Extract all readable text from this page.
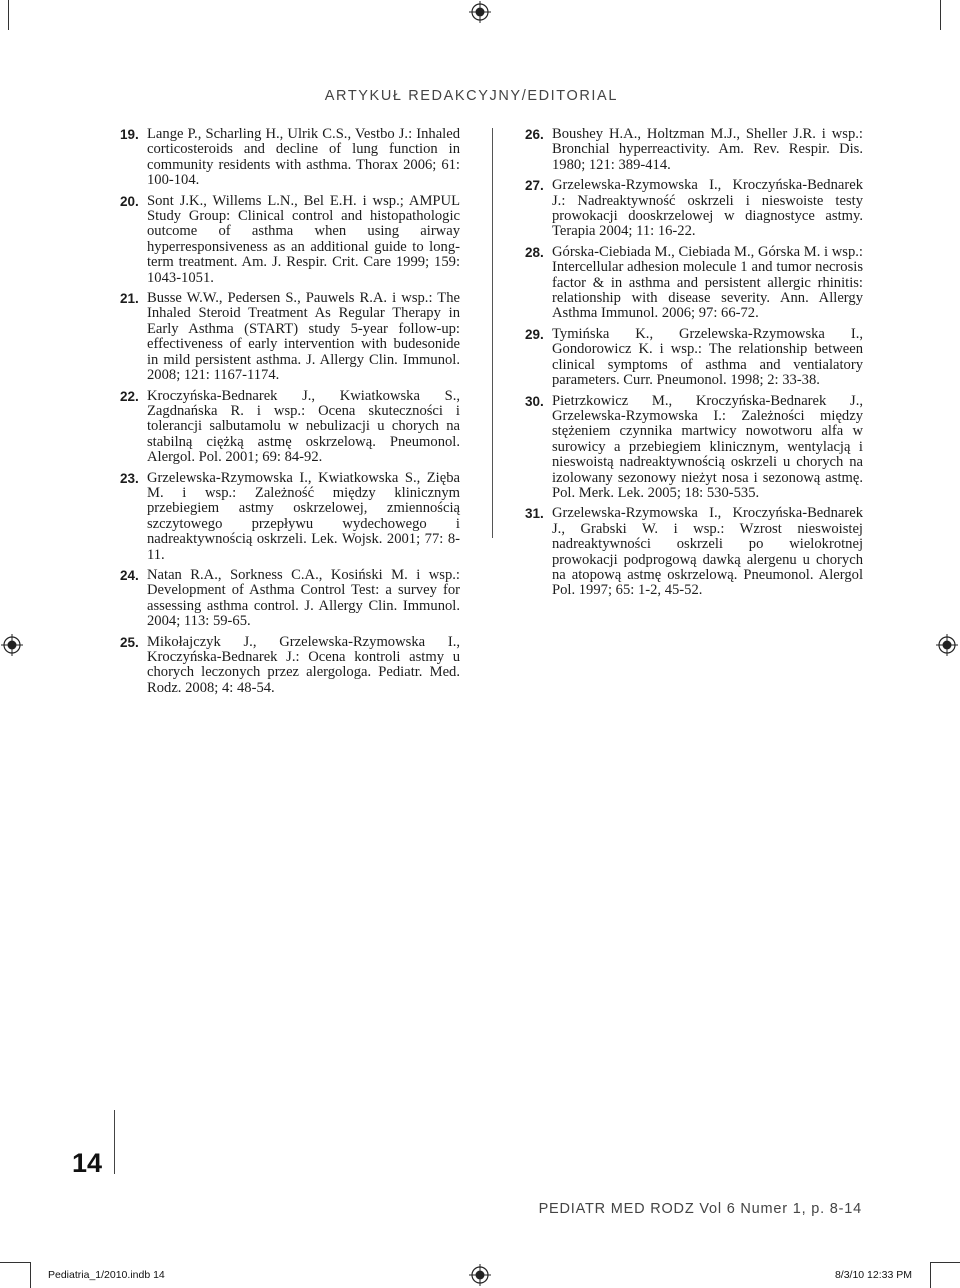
ARTYKUŁ REDAKCYJNY/EDITORIAL
19. Lange P., Scharling H., Ulrik C.S., Vestbo J.: Inhaled corticosteroids and decline of lung function in community residents with asthma. Thorax 2006; 61: 100-104.
20. Sont J.K., Willems L.N., Bel E.H. i wsp.; AMPUL Study Group: Clinical control and histopathologic outcome of asthma when using airway hyperresponsiveness as an additional guide to long-term treatment. Am. J. Respir. Crit. Care 1999; 159: 1043-1051.
21. Busse W.W., Pedersen S., Pauwels R.A. i wsp.: The Inhaled Steroid Treatment As Regular Therapy in Early Asthma (START) study 5-year follow-up: effectiveness of early intervention with budesonide in mild persistent asthma. J. Allergy Clin. Immunol. 2008; 121: 1167-1174.
22. Kroczyńska-Bednarek J., Kwiatkowska S., Zagdnańska R. i wsp.: Ocena skuteczności i tolerancji salbutamolu w nebulizacji u chorych na stabilną ciężką astmę oskrzelową. Pneumonol. Alergol. Pol. 2001; 69: 84-92.
23. Grzelewska-Rzymowska I., Kwiatkowska S., Zięba M. i wsp.: Zależność między klinicznym przebiegiem astmy oskrzelowej, zmiennością szczytowego przepływu wydechowego i nadreaktywnością oskrzeli. Lek. Wojsk. 2001; 77: 8-11.
24. Natan R.A., Sorkness C.A., Kosiński M. i wsp.: Development of Asthma Control Test: a survey for assessing asthma control. J. Allergy Clin. Immunol. 2004; 113: 59-65.
25. Mikołajczyk J., Grzelewska-Rzymowska I., Kroczyńska-Bednarek J.: Ocena kontroli astmy u chorych leczonych przez alergologa. Pediatr. Med. Rodz. 2008; 4: 48-54.
26. Boushey H.A., Holtzman M.J., Sheller J.R. i wsp.: Bronchial hyperreactivity. Am. Rev. Respir. Dis. 1980; 121: 389-414.
27. Grzelewska-Rzymowska I., Kroczyńska-Bednarek J.: Nadreaktywność oskrzeli i nieswoiste testy prowokacji dooskrzelowej w diagnostyce astmy. Terapia 2004; 11: 16-22.
28. Górska-Ciebiada M., Ciebiada M., Górska M. i wsp.: Intercellular adhesion molecule 1 and tumor necrosis factor & in asthma and persistent allergic rhinitis: relationship with disease severity. Ann. Allergy Asthma Immunol. 2006; 97: 66-72.
29. Tymińska K., Grzelewska-Rzymowska I., Gondorowicz K. i wsp.: The relationship between clinical symptoms of asthma and ventialatory parameters. Curr. Pneumonol. 1998; 2: 33-38.
30. Pietrzkowicz M., Kroczyńska-Bednarek J., Grzelewska-Rzymowska I.: Zależności między stężeniem czynnika martwicy nowotworu alfa w surowicy a przebiegiem klinicznym, wentylacją i nieswoistą nadreaktywnością oskrzeli u chorych na izolowany sezonowy nieżyt nosa i sezonową astmę. Pol. Merk. Lek. 2005; 18: 530-535.
31. Grzelewska-Rzymowska I., Kroczyńska-Bednarek J., Grabski W. i wsp.: Wzrost nieswoistej nadreaktywności oskrzeli po wielokrotnej prowokacji podprogową dawką alergenu u chorych na atopową astmę oskrzelową. Pneumonol. Alergol Pol. 1997; 65: 1-2, 45-52.
14
PEDIATR MED RODZ Vol 6 Numer 1, p. 8-14
Pediatria_1/2010.indb 14	8/3/10 12:33 PM
